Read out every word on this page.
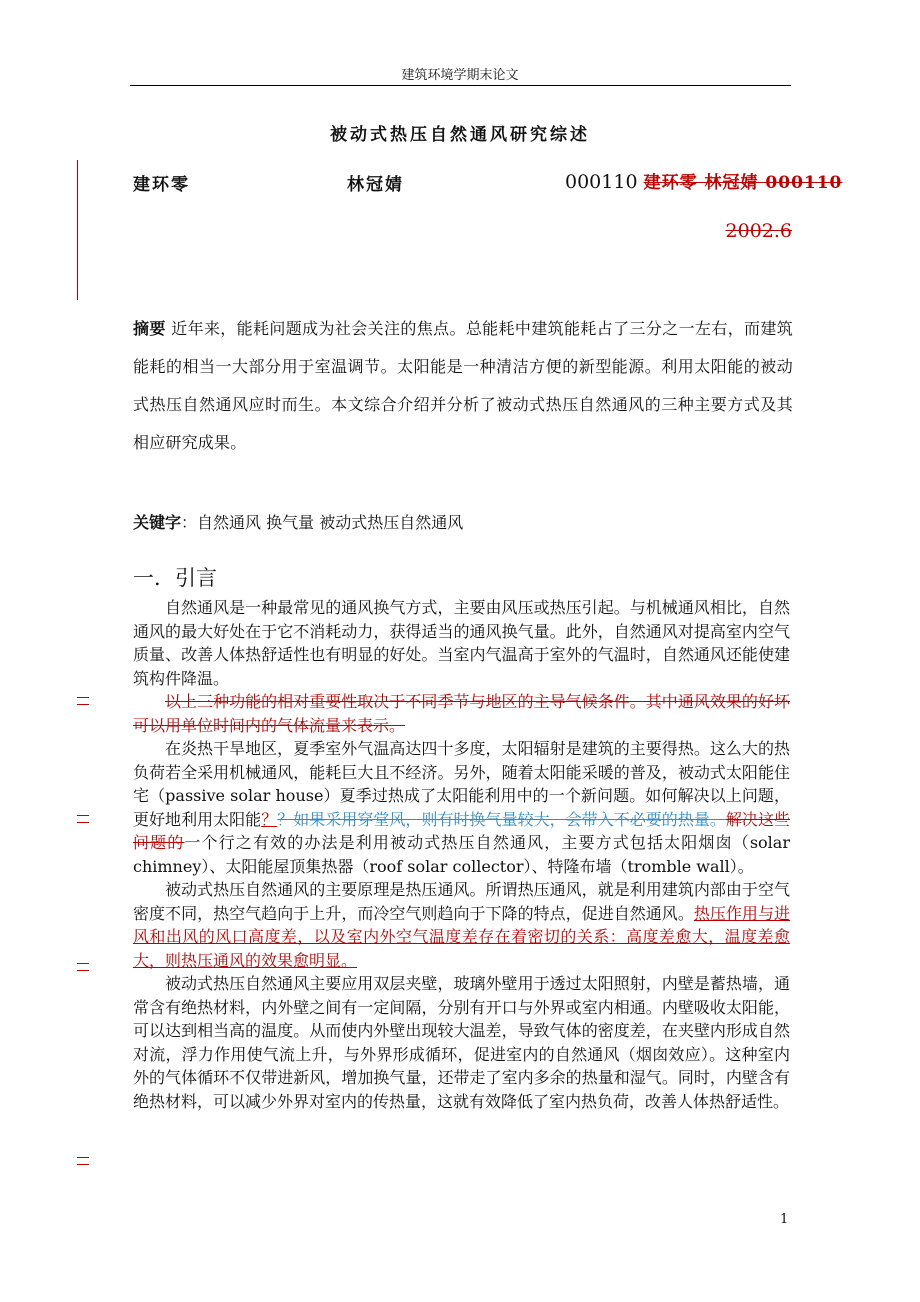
建筑环境学期末论文
被动式热压自然通风研究综述
建环零	林冠婧	000110 建环零 林冠婧 000110
2002.6
摘要 近年来，能耗问题成为社会关注的焦点。总能耗中建筑能耗占了三分之一左右，而建筑能耗的相当一大部分用于室温调节。太阳能是一种清洁方便的新型能源。利用太阳能的被动式热压自然通风应时而生。本文综合介绍并分析了被动式热压自然通风的三种主要方式及其相应研究成果。
关键字：自然通风 换气量 被动式热压自然通风
一．引言

自然通风是一种最常见的通风换气方式，主要由风压或热压引起。与机械通风相比，自然通风的最大好处在于它不消耗动力，获得适当的通风换气量。此外，自然通风对提高室内空气质量、改善人体热舒适性也有明显的好处。当室内气温高于室外的气温时，自然通风还能使建筑构件降温。

以上三种功能的相对重要性取决于不同季节与地区的主导气候条件。其中通风效果的好坏可以用单位时间内的气体流量来表示。

在炎热干旱地区，夏季室外气温高达四十多度，太阳辐射是建筑的主要得热。这么大的热负荷若全采用机械通风，能耗巨大且不经济。另外，随着太阳能采暖的普及，被动式太阳能住宅（passive solar house）夏季过热成了太阳能利用中的一个新问题。如何解决以上问题，更好地利用太阳能？？如果采用穿堂风，则有时换气量较大，会带入不必要的热量。解决这些问题的一个行之有效的办法是利用被动式热压自然通风，主要方式包括太阳烟囱（solar chimney）、太阳能屋顶集热器（roof solar collector）、特隆布墙（tromble wall）。

被动式热压自然通风的主要原理是热压通风。所谓热压通风，就是利用建筑内部由于空气密度不同，热空气趋向于上升，而冷空气则趋向于下降的特点，促进自然通风。热压作用与进风和出风的风口高度差，以及室内外空气温度差存在着密切的关系：高度差愈大，温度差愈大，则热压通风的效果愈明显。

被动式热压自然通风主要应用双层夹壁，玻璃外壁用于透过太阳照射，内壁是蓄热墙，通常含有绝热材料，内外壁之间有一定间隔，分别有开口与外界或室内相通。内壁吸收太阳能，可以达到相当高的温度。从而使内外壁出现较大温差，导致气体的密度差，在夹壁内形成自然对流，浮力作用使气流上升，与外界形成循环，促进室内的自然通风（烟囱效应）。这种室内外的气体循环不仅带进新风，增加换气量，还带走了室内多余的热量和湿气。同时，内壁含有绝热材料，可以减少外界对室内的传热量，这就有效降低了室内热负荷，改善人体热舒适性。

1
